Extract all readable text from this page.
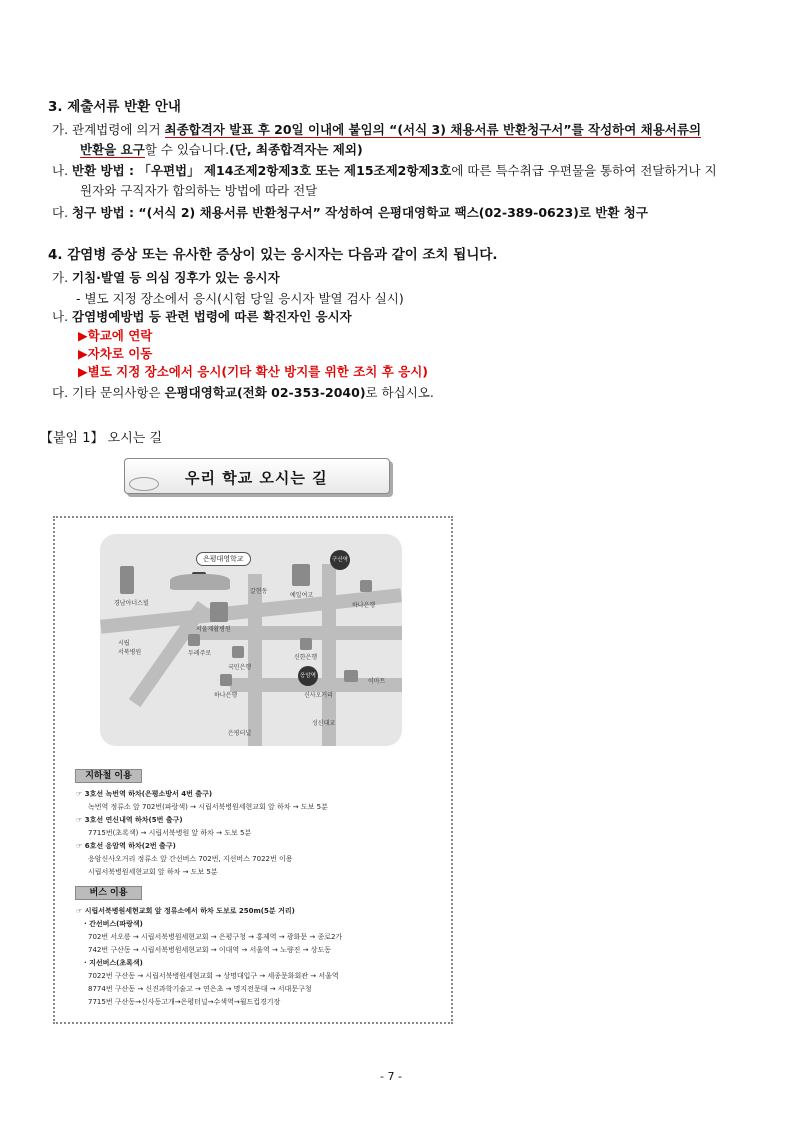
3. 제출서류 반환 안내
가. 관계법령에 의거 최종합격자 발표 후 20일 이내에 붙임의 “(서식 3) 채용서류 반환청구서”를 작성하여 채용서류의
반환을 요구할 수 있습니다.(단, 최종합격자는 제외)
나. 반환 방법 : 「우편법」 제14조제2항제3호 또는 제15조제2항제3호에 따른 특수취급 우편물을 통하여 전달하거나 지
원자와 구직자가 합의하는 방법에 따라 전달
다. 청구 방법 : “(서식 2) 채용서류 반환청구서” 작성하여 은평대영학교 팩스(02-389-0623)로 반환 청구
4. 감염병 증상 또는 유사한 증상이 있는 응시자는 다음과 같이 조치 됩니다.
가. 기침·발열 등 의심 징후가 있는 응시자
- 별도 지정 장소에서 응시(시험 당일 응시자 발열 검사 실시)
나. 감염병예방법 등 관련 법령에 따른 확진자인 응시자
▶학교에 연락
▶자차로 이동
▶별도 지정 장소에서 응시(기타 확산 방지를 위한 조치 후 응시)
다. 기타 문의사항은 은평대영학교(전화 02-353-2040)로 하십시오.
【붙임 1】 오시는 길
우리 학교 오시는 길
은평대영학교	구산역
응암역
경남아너스빌
갈현동
예일여고
하나은행
서울재활병원
시립
서북병원	두레주로
국민은행
신한은행
이마트
하나은행	신사오거리
성신대교
은평터널
지하철 이용
☞ 3호선 녹번역 하차(은평소방서 4번 출구)
녹번역 정류소 앞 702번(파랑색) → 시립서북병원세현교회 앞 하차 → 도보 5분
☞ 3호선 연신내역 하차(5번 출구)
7715번(초록색) → 시립서북병원 앞 하차 → 도보 5분
☞ 6호선 응암역 하차(2번 출구)
응암신사오거리 정류소 앞 간선버스 702번, 지선버스 7022번 이용
시립서북병원세현교회 앞 하차 → 도보 5분
버스 이용
☞ 시립서북병원세현교회 앞 정류소에서 하차 도보로 250m(5분 거리)
· 간선버스(파랑색)
702번 서오릉 → 시립서북병원세현교회 → 은평구청 → 홍제역 → 광화문 → 종로2가
742번 구산동 → 시립서북병원세현교회 → 이대역 → 서울역 → 노량진 → 상도동
· 지선버스(초록색)
7022번 구산동 → 시립서북병원세현교회 → 상명대입구 → 세종문화회관 → 서울역
8774번 구산동 → 신진과학기술고 → 연은초 → 명지전문대 → 서대문구청
7715번 구산동→신사동고개→은평터널→수색역→월드컵경기장
- 7 -
